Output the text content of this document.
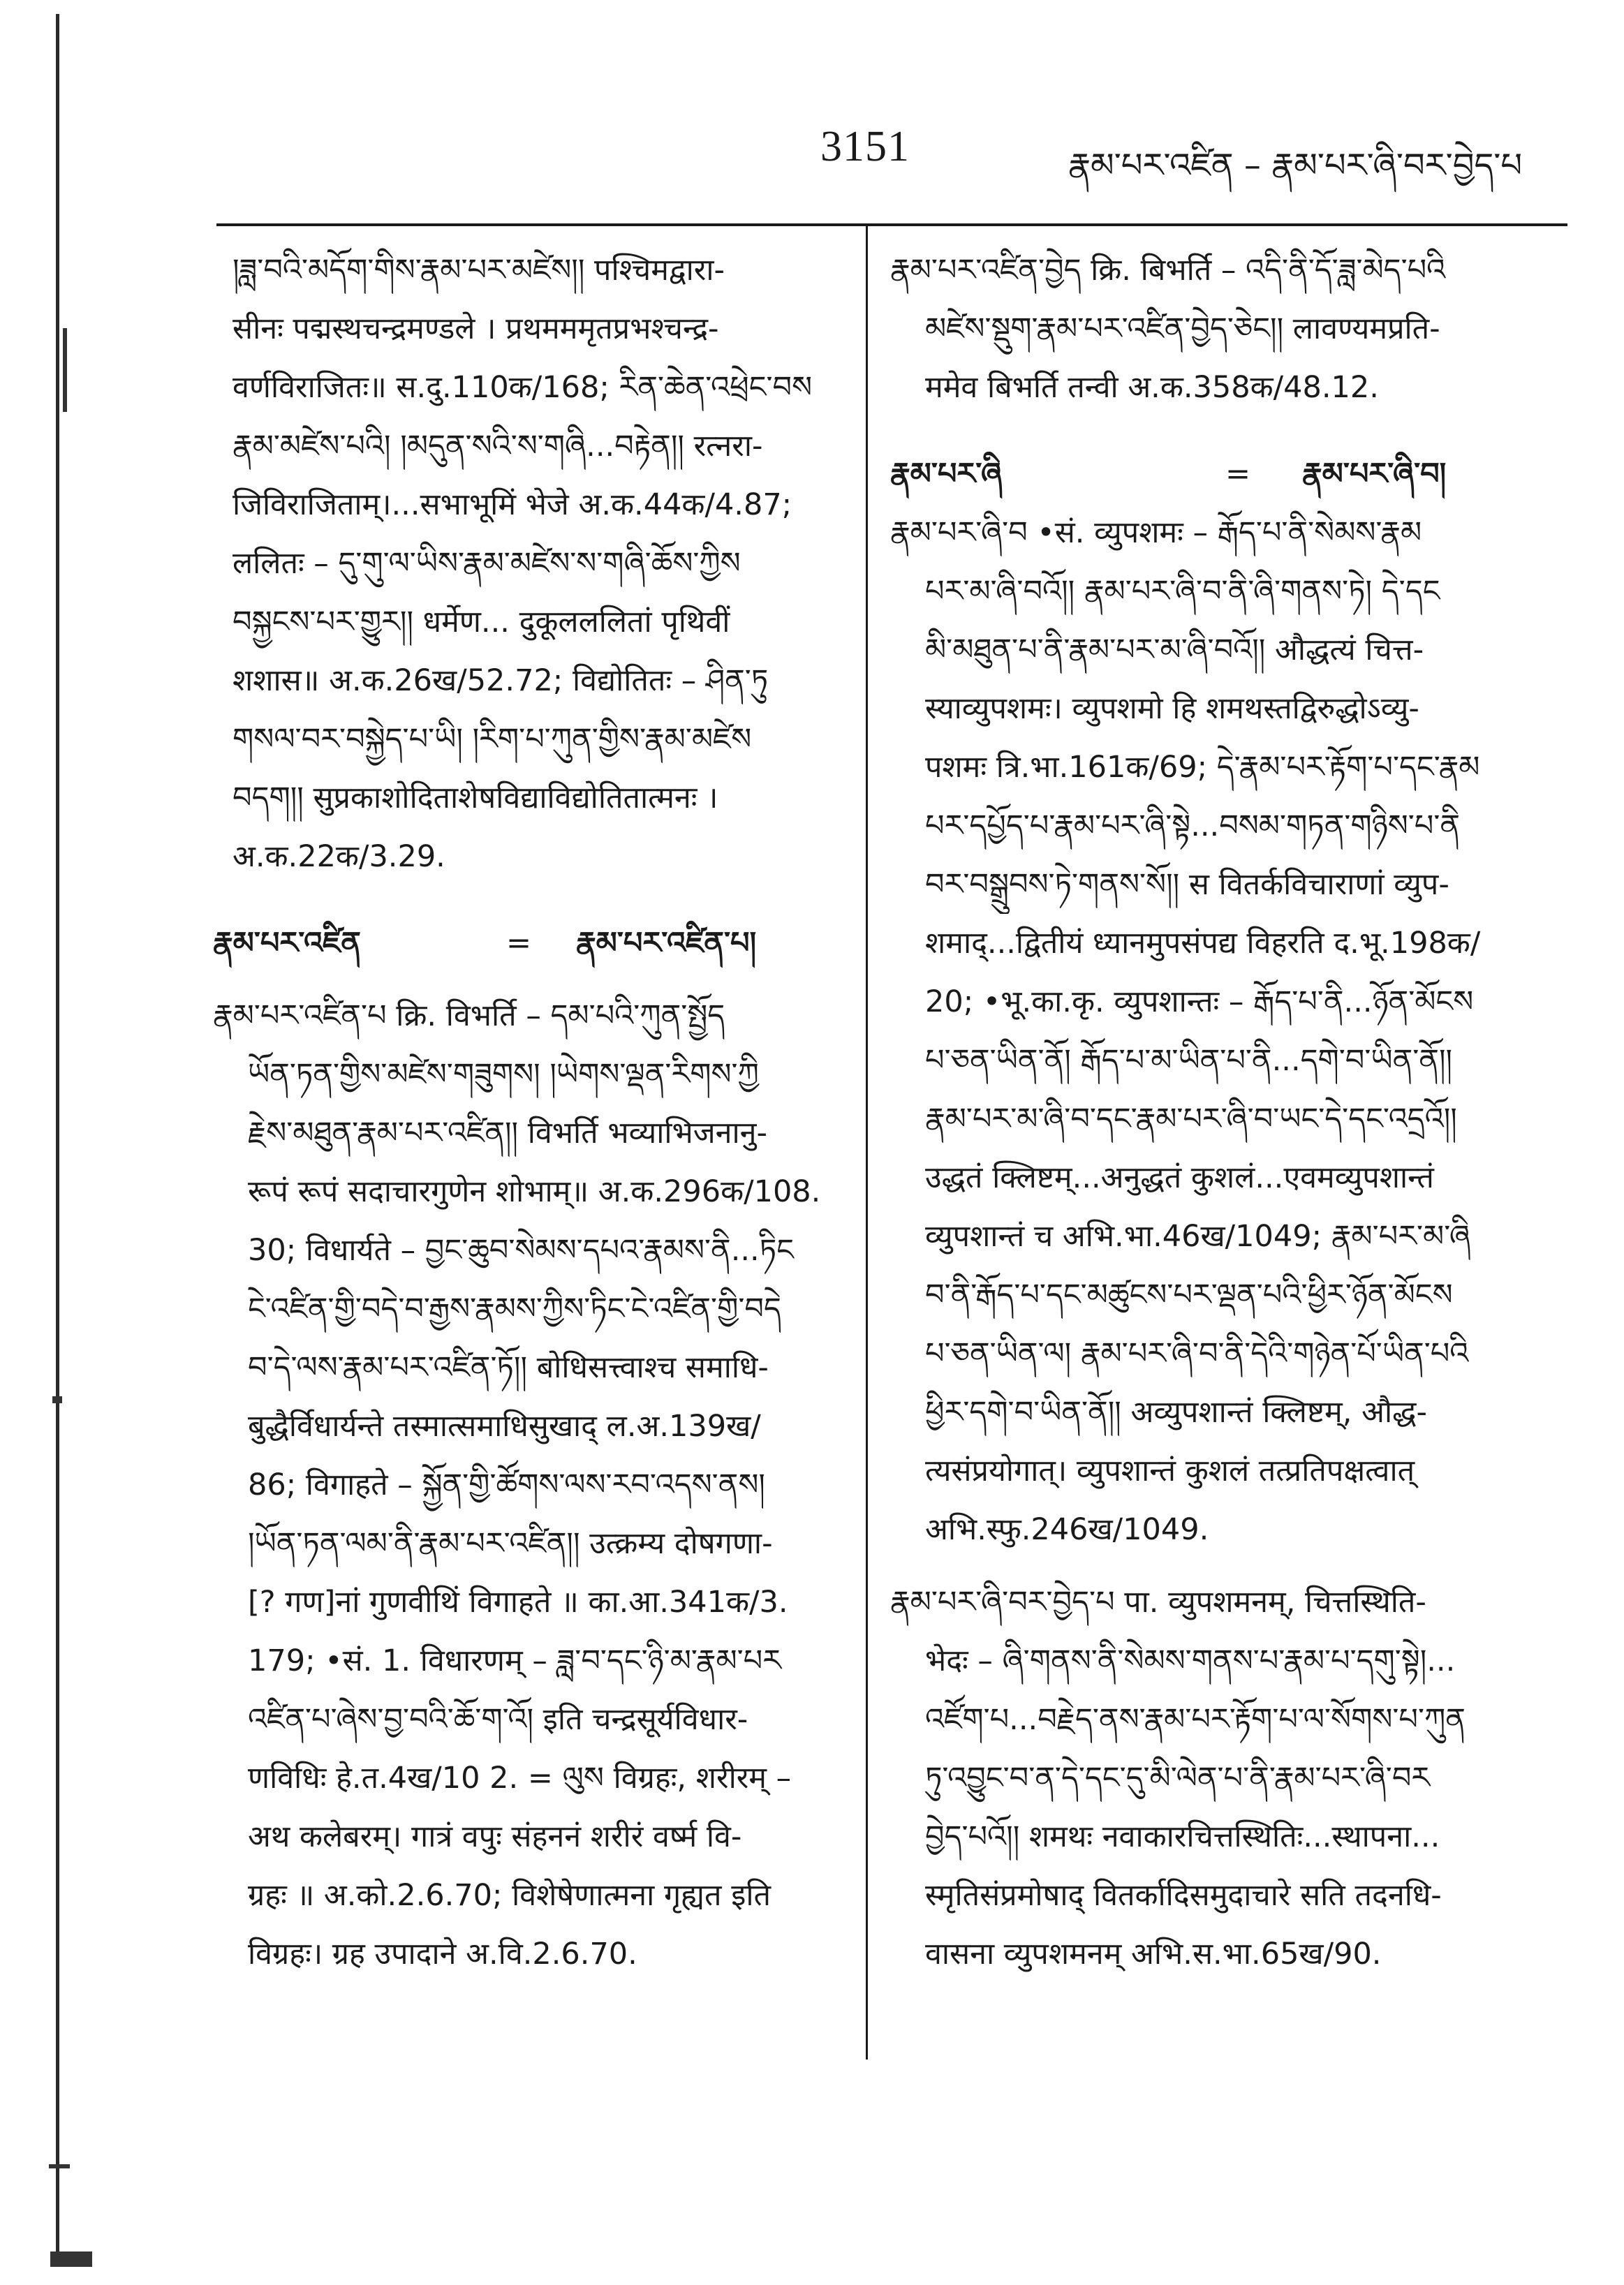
3151	རྣམ་པར་འཛིན – རྣམ་པར་ཞི་བར་བྱེད་པ
།ཟླ་བའི་མདོག་གིས་རྣམ་པར་མཛེས།། पश्चिमद्वारा-
सीनः पद्मस्थचन्द्रमण्डले । प्रथमममृतप्रभश्चन्द्र-
वर्णविराजितः॥ स.दु.110क/168; རིན་ཆེན་འཕྲེང་བས
རྣམ་མཛེས་པའི། །མདུན་སའི་ས་གཞི...བརྟེན།། रत्नरा-
जिविराजिताम्।...सभाभूमिं भेजे अ.क.44क/4.87;
ललितः – དུ་གུ་ལ་ཡིས་རྣམ་མཛེས་ས་གཞི་ཆོས་ཀྱིས
བསྐྱངས་པར་གྱུར།། धर्मेण... दुकूलललितां पृथिवीं
शशास॥ अ.क.26ख/52.72; विद्योतितः – ཤིན་ཏུ
གསལ་བར་བསྐྱེད་པ་ཡི། །རིག་པ་ཀུན་གྱིས་རྣམ་མཛེས
བདག།། सुप्रकाशोदिताशेषविद्याविद्योतितात्मनः ।
अ.क.22क/3.29.
རྣམ་པར་འཛིན	= རྣམ་པར་འཛིན་པ།
རྣམ་པར་འཛིན་པ क्रि. विभर्ति – དམ་པའི་ཀུན་སྤྱོད
ཡོན་ཏན་གྱིས་མཛེས་གཟུགས། །ཡེགས་ལྡན་རིགས་ཀྱི
རྗེས་མཐུན་རྣམ་པར་འཛིན།། विभर्ति भव्याभिजनानु-
रूपं रूपं सदाचारगुणेन शोभाम्॥ अ.क.296क/108.
30; विधार्यते – བྱང་ཆུབ་སེམས་དཔའ་རྣམས་ནི...ཏིང
ངེ་འཛིན་གྱི་བདེ་བ་རྒྱས་རྣམས་ཀྱིས་ཏིང་ངེ་འཛིན་གྱི་བདེ
བ་དེ་ལས་རྣམ་པར་འཛིན་ཏོ།། बोधिसत्त्वाश्च समाधि-
बुद्धैर्विधार्यन्ते तस्मात्समाधिसुखाद् ल.अ.139ख/
86; विगाहते – སྐྱོན་གྱི་ཚོགས་ལས་རབ་འདས་ནས།
།ཡོན་ཏན་ལམ་ནི་རྣམ་པར་འཛིན།། उत्क्रम्य दोषगणा-
[? गण]नां गुणवीथिं विगाहते ॥ का.आ.341क/3.
179; •सं. 1. विधारणम् – ཟླ་བ་དང་ཉི་མ་རྣམ་པར
འཛིན་པ་ཞེས་བྱ་བའི་ཆོ་ག་འོ། इति चन्द्रसूर्यविधार-
णविधिः हे.त.4ख/10 2. = ལུས विग्रहः, शरीरम् –
अथ कलेबरम्। गात्रं वपुः संहननं शरीरं वर्ष्म वि-
ग्रहः ॥ अ.को.2.6.70; विशेषेणात्मना गृह्यत इति
विग्रहः। ग्रह उपादाने अ.वि.2.6.70.
རྣམ་པར་འཛིན་བྱེད क्रि. बिभर्ति – འདི་ནི་དོ་ཟླ་མེད་པའི
མཛེས་སྡུག་རྣམ་པར་འཛིན་བྱེད་ཅེང།། लावण्यमप्रति-
ममेव बिभर्ति तन्वी अ.क.358क/48.12.
རྣམ་པར་ཞི	= རྣམ་པར་ཞི་བ།
རྣམ་པར་ཞི་བ •सं. व्युपशमः – རྒོད་པ་ནི་སེམས་རྣམ
པར་མ་ཞི་བའོ།། རྣམ་པར་ཞི་བ་ནི་ཞི་གནས་ཏེ། དེ་དང
མི་མཐུན་པ་ནི་རྣམ་པར་མ་ཞི་བའོ།། औद्धत्यं चित्त-
स्याव्युपशमः। व्युपशमो हि शमथस्तद्विरुद्धोऽव्यु-
पशमः त्रि.भा.161क/69; དེ་རྣམ་པར་རྟོག་པ་དང་རྣམ
པར་དཔྱོད་པ་རྣམ་པར་ཞི་སྟེ...བསམ་གཏན་གཉིས་པ་ནི
བར་བསྒྲུབས་ཏེ་གནས་སོ།། स वितर्कविचाराणां व्युप-
शमाद्...द्वितीयं ध्यानमुपसंपद्य विहरति द.भू.198क/
20; •भू.का.कृ. व्युपशान्तः – རྒོད་པ་ནི...ཉོན་མོངས
པ་ཅན་ཡིན་ནོ། རྒོད་པ་མ་ཡིན་པ་ནི...དགེ་བ་ཡིན་ནོ།།
རྣམ་པར་མ་ཞི་བ་དང་རྣམ་པར་ཞི་བ་ཡང་དེ་དང་འདྲའོ།།
उद्धतं क्लिष्टम्...अनुद्धतं कुशलं...एवमव्युपशान्तं
व्युपशान्तं च अभि.भा.46ख/1049; རྣམ་པར་མ་ཞི
བ་ནི་རྒོད་པ་དང་མཚུངས་པར་ལྡན་པའི་ཕྱིར་ཉོན་མོངས
པ་ཅན་ཡིན་ལ། རྣམ་པར་ཞི་བ་ནི་དེའི་གཉེན་པོ་ཡིན་པའི
ཕྱིར་དགེ་བ་ཡིན་ནོ།། अव्युपशान्तं क्लिष्टम्, औद्ध-
त्यसंप्रयोगात्। व्युपशान्तं कुशलं तत्प्रतिपक्षत्वात्
अभि.स्फु.246ख/1049.
རྣམ་པར་ཞི་བར་བྱེད་པ पा. व्युपशमनम्, चित्तस्थिति-
भेदः – ཞི་གནས་ནི་སེམས་གནས་པ་རྣམ་པ་དགུ་སྟེ།...
འཛོག་པ...བརྗེད་ནས་རྣམ་པར་རྟོག་པ་ལ་སོགས་པ་ཀུན
ཏུ་འབྱུང་བ་ན་དེ་དང་དུ་མི་ལེན་པ་ནི་རྣམ་པར་ཞི་བར
བྱེད་པའོ།། शमथः नवाकारचित्तस्थितिः...स्थापना...
स्मृतिसंप्रमोषाद् वितर्कादिसमुदाचारे सति तदनधि-
वासना व्युपशमनम् अभि.स.भा.65ख/90.
